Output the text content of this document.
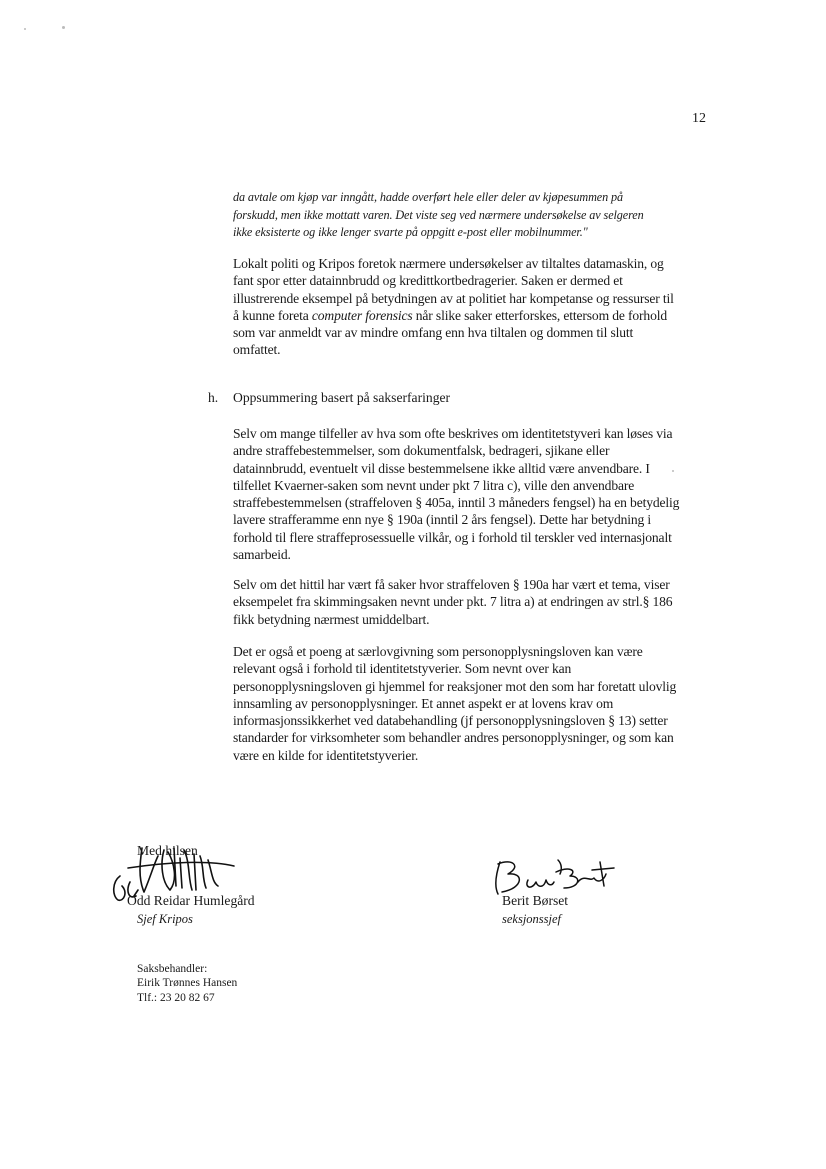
12
da avtale om kjøp var inngått, hadde overført hele eller deler av kjøpesummen på forskudd, men ikke mottatt varen. Det viste seg ved nærmere undersøkelse av selgeren ikke eksisterte og ikke lenger svarte på oppgitt e-post eller mobilnummer."

Lokalt politi og Kripos foretok nærmere undersøkelser av tiltaltes datamaskin, og fant spor etter datainnbrudd og kredittkortbedragerier. Saken er dermed et illustrerende eksempel på betydningen av at politiet har kompetanse og ressurser til å kunne foreta computer forensics når slike saker etterforskes, ettersom de forhold som var anmeldt var av mindre omfang enn hva tiltalen og dommen til slutt omfattet.

h. Oppsummering basert på sakserfaringer

Selv om mange tilfeller av hva som ofte beskrives om identitetstyveri kan løses via andre straffebestemmelser, som dokumentfalsk, bedrageri, sjikane eller datainnbrudd, eventuelt vil disse bestemmelsene ikke alltid være anvendbare. I tilfellet Kvaerner-saken som nevnt under pkt 7 litra c), ville den anvendbare straffebestemmelsen (straffeloven § 405a, inntil 3 måneders fengsel) ha en betydelig lavere strafferamme enn nye § 190a (inntil 2 års fengsel). Dette har betydning i forhold til flere straffeprosessuelle vilkår, og i forhold til terskler ved internasjonalt samarbeid.

Selv om det hittil har vært få saker hvor straffeloven § 190a har vært et tema, viser eksempelet fra skimmingsaken nevnt under pkt. 7 litra a) at endringen av strl.§ 186 fikk betydning nærmest umiddelbart.

Det er også et poeng at særlovgivning som personopplysningsloven kan være relevant også i forhold til identitetstyverier. Som nevnt over kan personopplysningsloven gi hjemmel for reaksjoner mot den som har foretatt ulovlig innsamling av personopplysninger. Et annet aspekt er at lovens krav om informasjonssikkerhet ved databehandling (jf personopplysningsloven § 13) setter standarder for virksomheter som behandler andres personopplysninger, og som kan være en kilde for identitetstyverier.

Med hilsen
Odd Reidar Humlegård
Sjef Kripos
Berit Børset
seksjonssjef
Saksbehandler:
Eirik Trønnes Hansen
Tlf.: 23 20 82 67
